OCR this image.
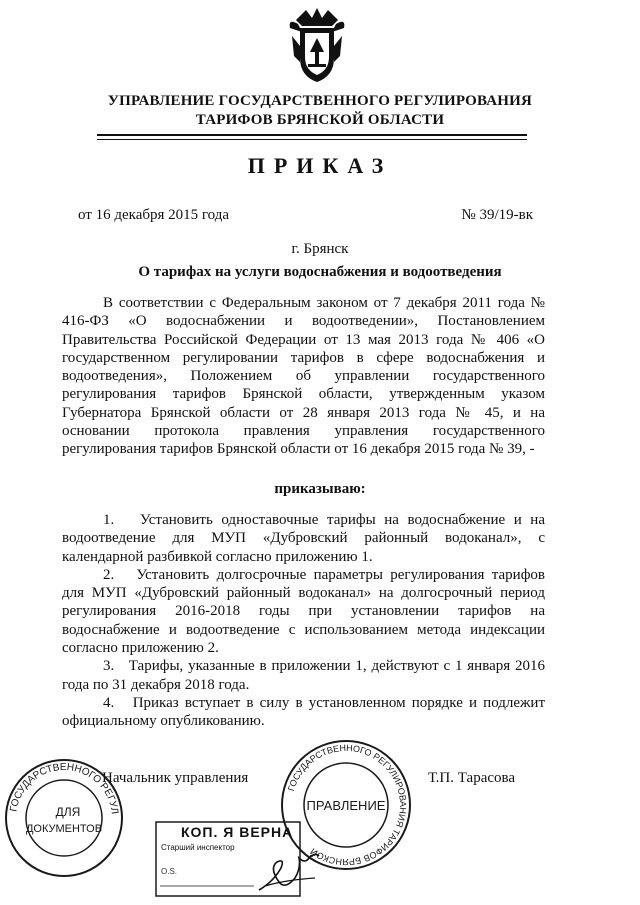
УПРАВЛЕНИЕ ГОСУДАРСТВЕННОГО РЕГУЛИРОВАНИЯ
ТАРИФОВ БРЯНСКОЙ ОБЛАСТИ
ПРИКАЗ
от 16 декабря 2015 года	№ 39/19-вк
г. Брянск
О тарифах на услуги водоснабжения и водоотведения
В соответствии с Федеральным законом от 7 декабря 2011 года № 416-ФЗ «О водоснабжении и водоотведении», Постановлением Правительства Российской Федерации от 13 мая 2013 года № 406 «О государственном регулировании тарифов в сфере водоснабжения и водоотведения», Положением об управлении государственного регулирования тарифов Брянской области, утвержденным указом Губернатора Брянской области от 28 января 2013 года № 45, и на основании протокола правления управления государственного регулирования тарифов Брянской области от 16 декабря 2015 года № 39, -
приказываю:

1.   Установить одноставочные тарифы на водоснабжение и на водоотведение для МУП «Дубровский районный водоканал», с календарной разбивкой согласно приложению 1.

2.   Установить долгосрочные параметры регулирования тарифов для МУП «Дубровский районный водоканал» на долгосрочный период регулирования 2016-2018 годы при установлении тарифов на водоснабжение и водоотведение с использованием метода индексации согласно приложению 2.

3.   Тарифы, указанные в приложении 1, действуют с 1 января 2016 года по 31 декабря 2018 года.

4.   Приказ вступает в силу в установленном порядке и подлежит официальному опубликованию.

Начальник управления	Т.П. Тарасова
ГОСУДАРСТВЕННОГО РЕГУЛ
ДЛЯ
ДОКУМЕНТОВ
ГОСУДАРСТВЕННОГО РЕГУЛИРОВАНИЯ ТАРИФОВ БРЯНСКОЙ
ПРАВЛЕНИЕ
КОП. Я ВЕРНА
Старший инспектор
О.S.
